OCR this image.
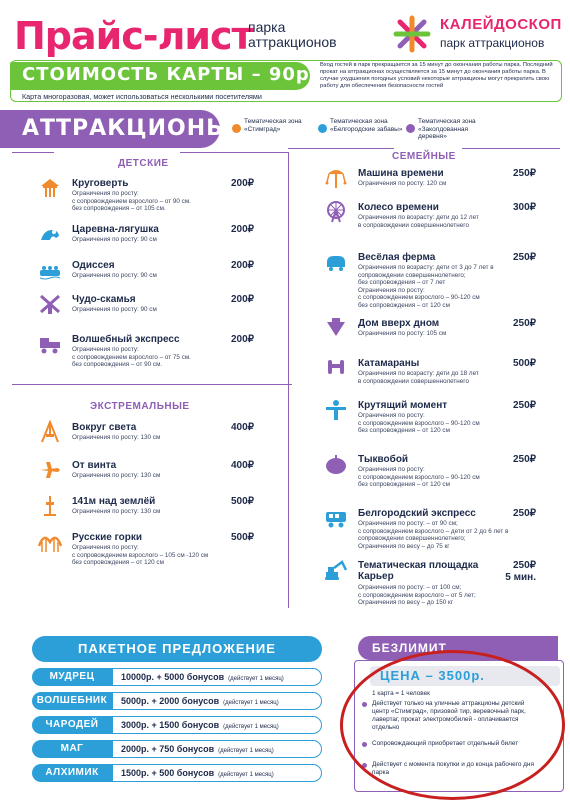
Прайс-лист
парка аттракционов
КАЛЕЙДОСКОП
парк аттракционов
СТОИМОСТЬ КАРТЫ – 90р.
Карта многоразовая, может использоваться несколькими посетителями
Вход гостей в парк прекращается за 15 минут до окончания работы парка. Последний прокат на аттракционах осуществляется за 15 минут до окончания работы парка. В случае ухудшения погодных условий некоторые аттракционы могут прекратить свою работу для обеспечения безопасности гостей
АТТРАКЦИОНЫ Тематическая зона «Стимград»
Тематическая зона «Белгородские забавы»
Тематическая зона «Заколдованная деревня»
ДЕТСКИЕ
ЭКСТРЕМАЛЬНЫЕ
СЕМЕЙНЫЕ
Круговерть	200₽
Ограничения по росту:
с сопровождением взрослого – от 90 см.
без сопровождения – от 105 см.
Царевна-лягушка	200₽
Ограничения по росту: 90 см
Одиссея	200₽
Ограничения по росту: 90 см
Чудо-скамья	200₽
Ограничения по росту: 90 см
Волшебный экспресс	200₽
Ограничения по росту:
с сопровождением взрослого – от 75 см.
без сопровождения – от 90 см.
Вокруг света	400₽
Ограничения по росту: 130 см
От винта	400₽
Ограничения по росту: 130 см
141м над землёй	500₽
Ограничения по росту: 130 см
Русские горки	500₽
Ограничения по росту:
с сопровождением взрослого – 105 см -120 см
без сопровождения – от 120 см
Машина времени	250₽
Ограничения по росту: 120 см
Колесо времени	300₽
Ограничения по возрасту: дети до 12 лет
в сопровождении совершеннолетнего
Весёлая ферма	250₽
Ограничения по возрасту: дети от 3 до 7 лет в
сопровождении совершеннолетнего;
без сопровождения – от 7 лет
Ограничения по росту:
с сопровождением взрослого – 90-120 см
без сопровождения – от 120 см
Дом вверх дном	250₽
Ограничения по росту: 105 см
Катамараны	500₽
Ограничения по возрасту: дети до 18 лет
в сопровождении совершеннолетнего
Крутящий момент	250₽
Ограничения по росту:
с сопровождением взрослого – 90-120 см
без сопровождения – от 120 см
Тыквобой	250₽
Ограничения по росту:
с сопровождением взрослого – 90-120 см
без сопровождения – от 120 см
Белгородский экспресс	250₽
Ограничения по росту: – от 90 см;
с сопровождением взрослого – дети от 2 до 6 лет в
сопровождении совершеннолетнего;
Ограничения по весу – до 75 кг
Тематическая площадка Карьер
250₽
5 мин.
Ограничения по росту: – от 100 см;
с сопровождением взрослого – от 5 лет;
Ограничения по весу – до 150 кг
ПАКЕТНОЕ ПРЕДЛОЖЕНИЕ
МУДРЕЦ	10000р. + 5000 бонусов (действует 1 месяц)
ВОЛШЕБНИК	5000р. + 2000 бонусов (действует 1 месяц)
ЧАРОДЕЙ	3000р. + 1500 бонусов (действует 1 месяц)
МАГ	2000р. + 750 бонусов (действует 1 месяц)
АЛХИМИК	1500р. + 500 бонусов (действует 1 месяц)
БЕЗЛИМИТ
ЦЕНА – 3500р.
1 карта = 1 человек
Действует только на уличные аттракционы детский центр «Стимград», призовой тир, веревочный парк, лавертаг, прокат электромобилей - оплачивается отдельно
Сопровождающий приобретает отдельный билет
Действует с момента покупки и до конца рабочего дня парка
